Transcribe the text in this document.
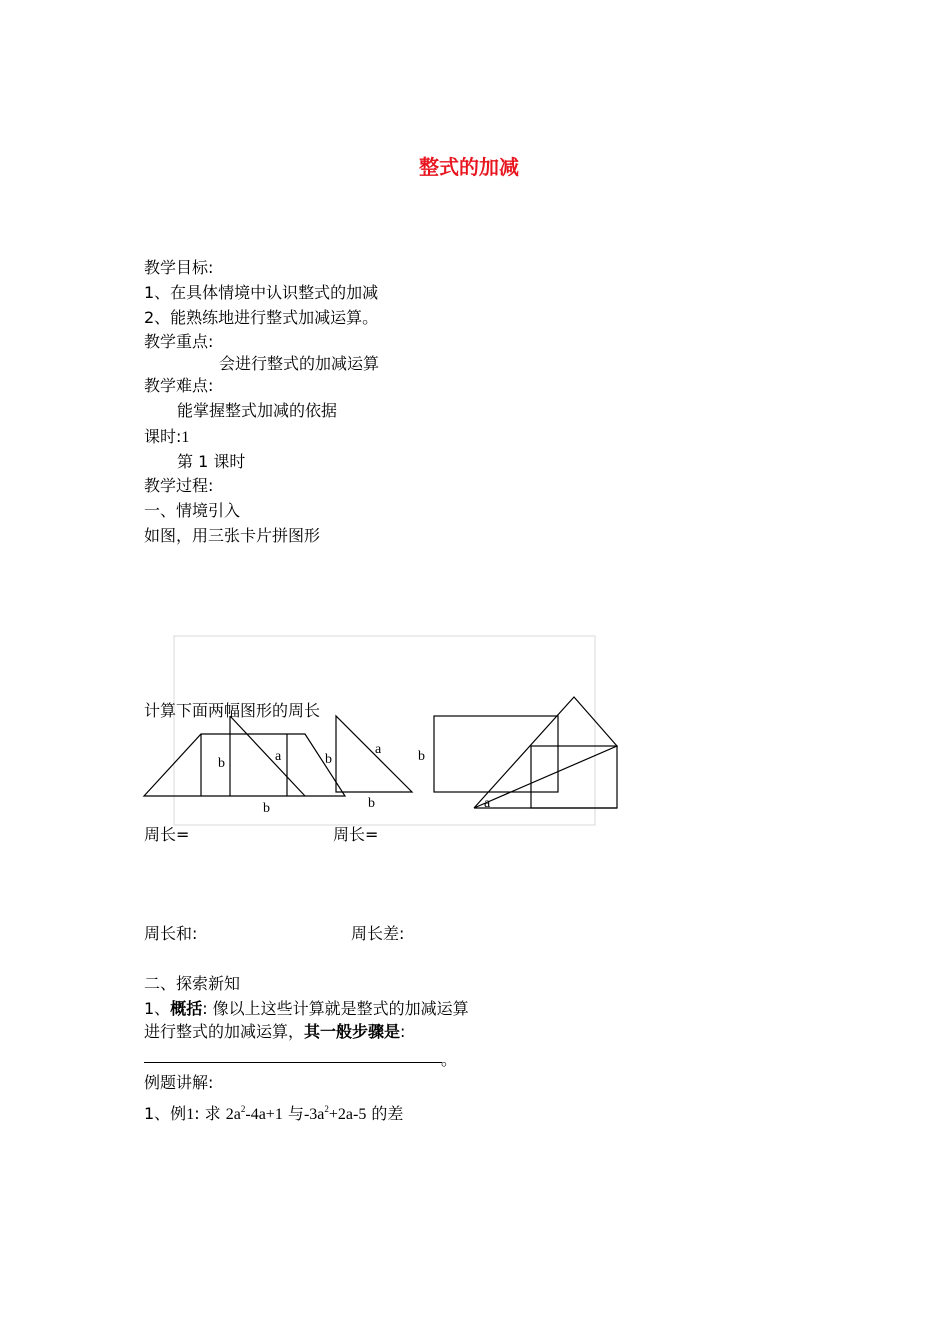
整式的加减
教学目标:
1、在具体情境中认识整式的加减
2、能熟练地进行整式加减运算。
教学重点:
会进行整式的加减运算
教学难点:
能掌握整式加减的依据
课时:1
第 1 课时
教学过程:
一、情境引入
如图，用三张卡片拼图形
b	a	b
b
a
b
b
a
计算下面两幅图形的周长
周长=	周长=
周长和:	周长差:
二、探索新知
1、概括: 像以上这些计算就是整式的加减运算
进行整式的加减运算，其一般步骤是:
。
例题讲解:
1、例1: 求 $2a^2-4a+1$ 与$-3a^2+2a-5$ 的差
